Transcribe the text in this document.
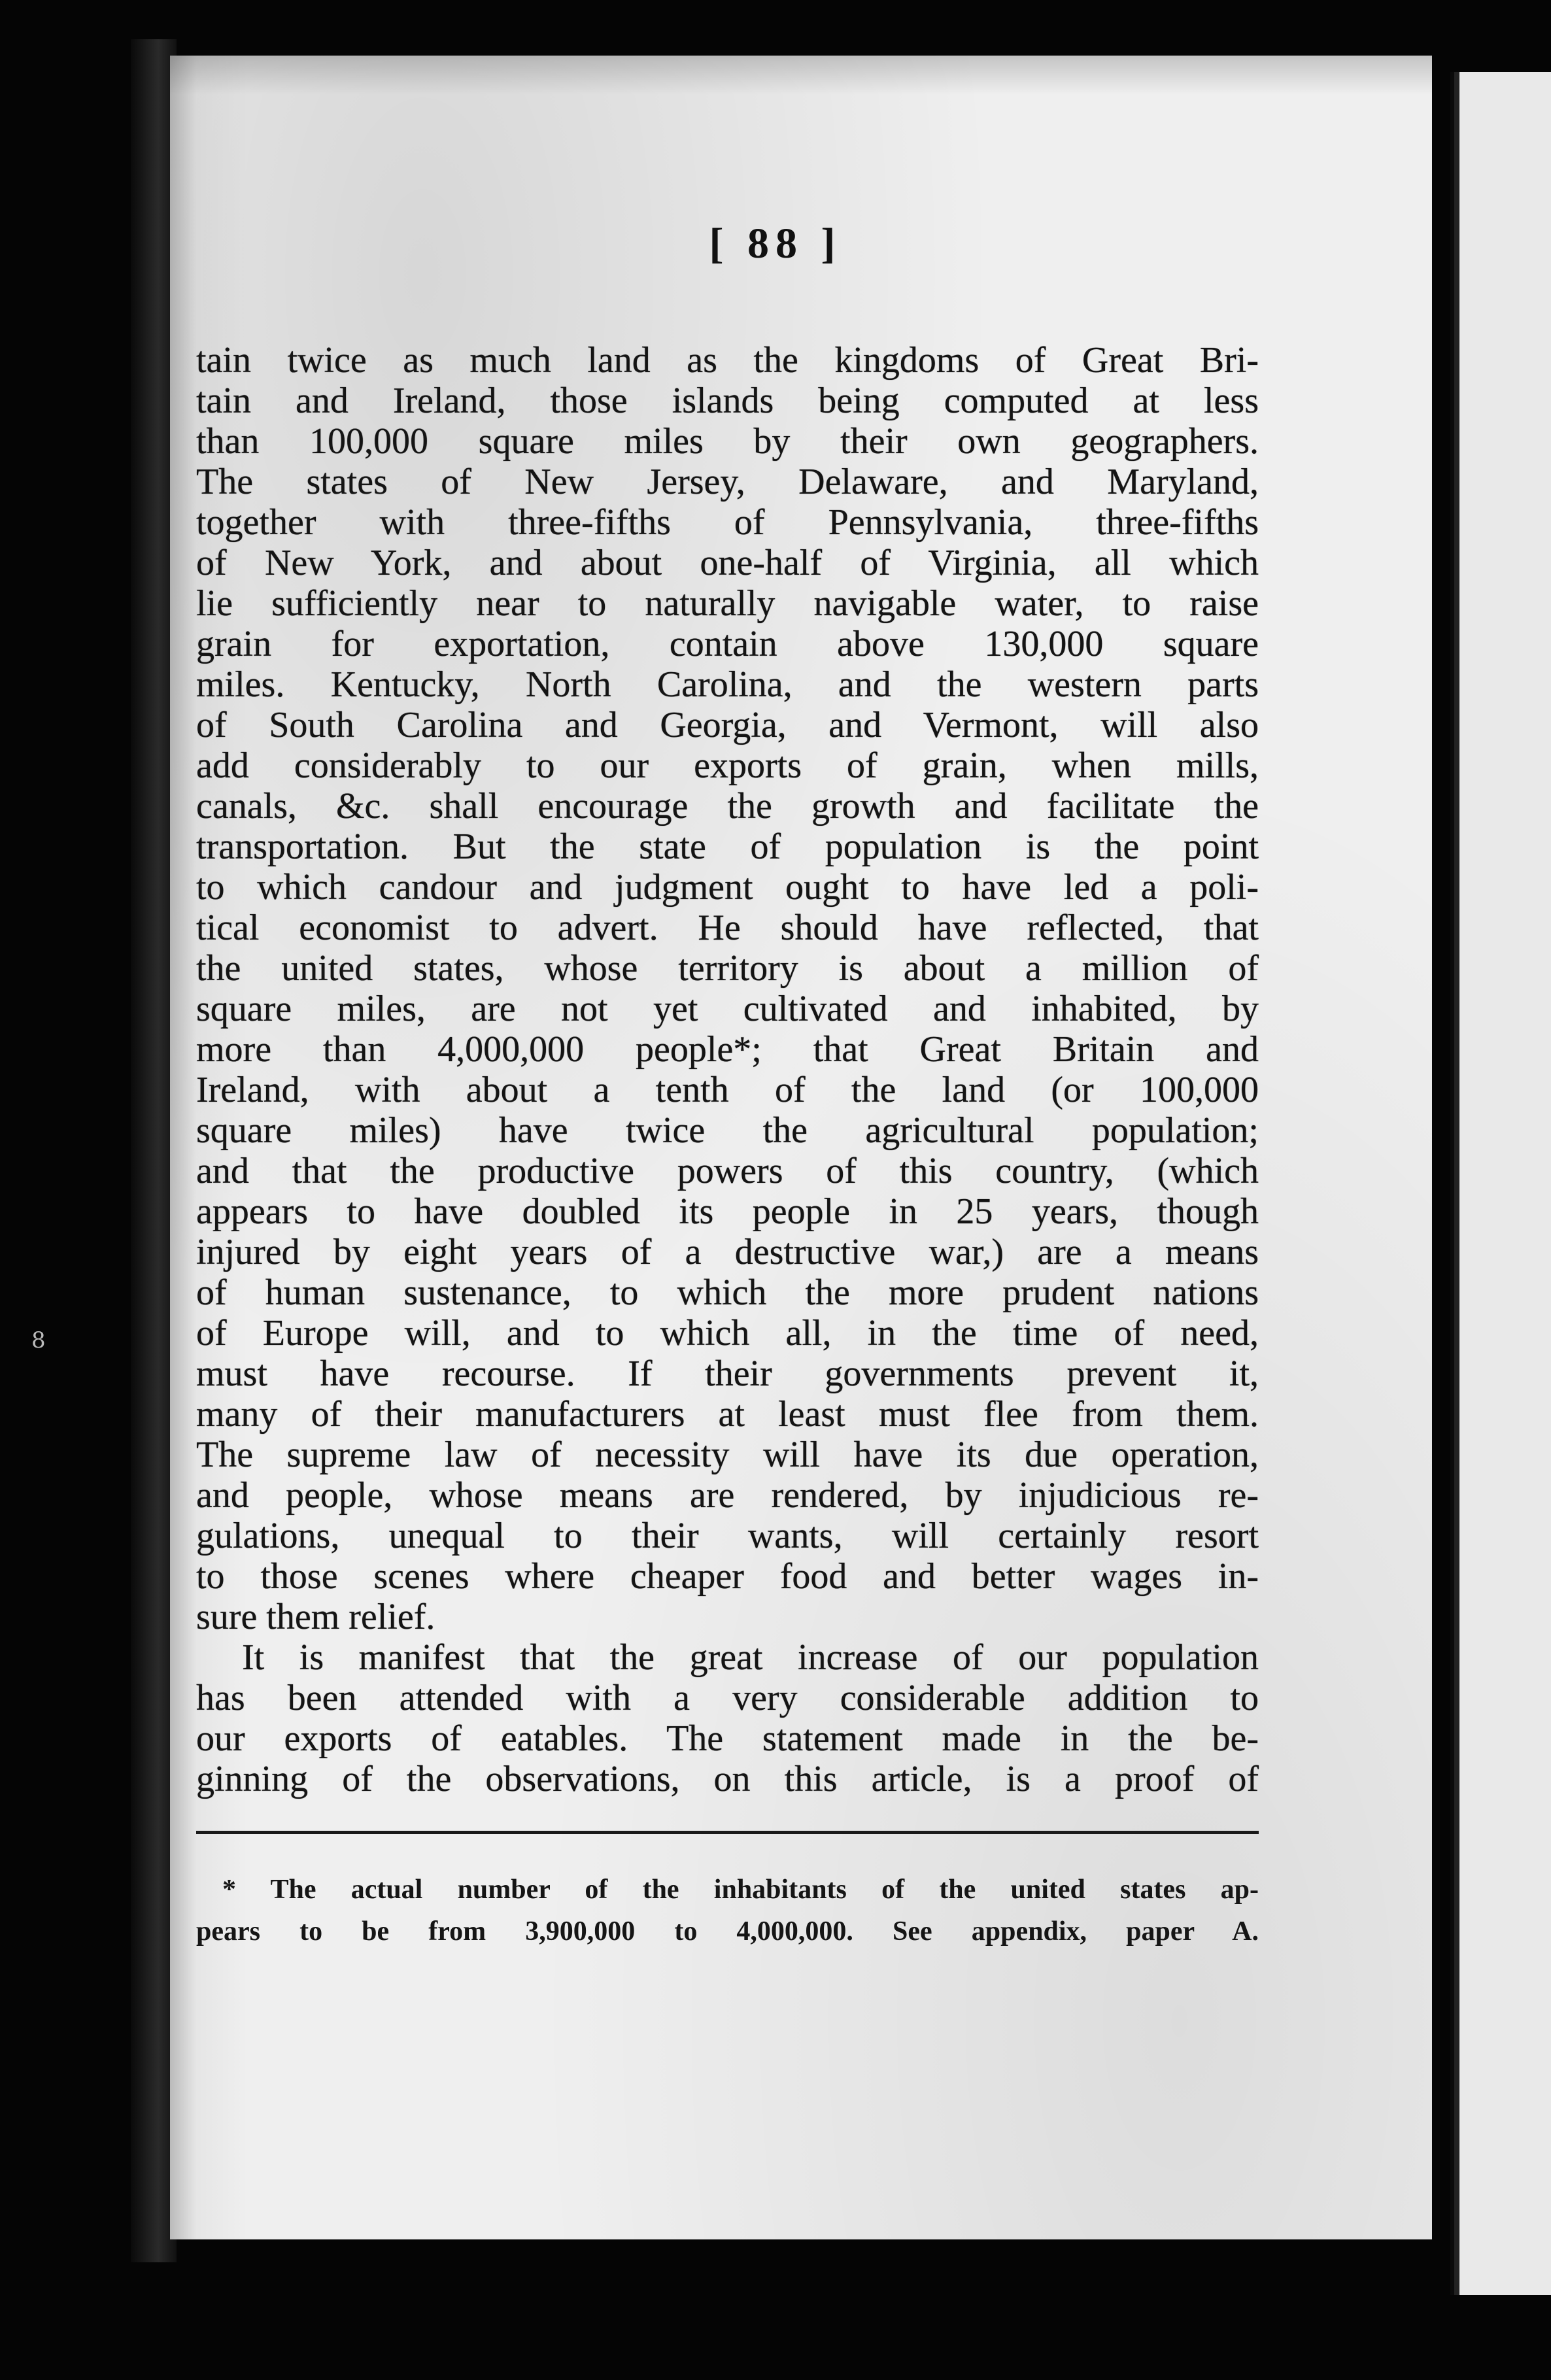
8
[ 88 ]
tain twice as much land as the kingdoms of Great Bri-
tain and Ireland, those islands being computed at less
than 100,000 square miles by their own geographers.
The states of New Jersey, Delaware, and Maryland,
together with three-fifths of Pennsylvania, three-fifths
of New York, and about one-half of Virginia, all which
lie sufficiently near to naturally navigable water, to raise
grain for exportation, contain above 130,000 square
miles. Kentucky, North Carolina, and the western parts
of South Carolina and Georgia, and Vermont, will also
add considerably to our exports of grain, when mills,
canals, &c. shall encourage the growth and facilitate the
transportation. But the state of population is the point
to which candour and judgment ought to have led a poli-
tical economist to advert. He should have reflected, that
the united states, whose territory is about a million of
square miles, are not yet cultivated and inhabited, by
more than 4,000,000 people*; that Great Britain and
Ireland, with about a tenth of the land (or 100,000
square miles) have twice the agricultural population;
and that the productive powers of this country, (which
appears to have doubled its people in 25 years, though
injured by eight years of a destructive war,) are a means
of human sustenance, to which the more prudent nations
of Europe will, and to which all, in the time of need,
must have recourse. If their governments prevent it,
many of their manufacturers at least must flee from them.
The supreme law of necessity will have its due operation,
and people, whose means are rendered, by injudicious re-
gulations, unequal to their wants, will certainly resort
to those scenes where cheaper food and better wages in-
sure them relief.
It is manifest that the great increase of our population
has been attended with a very considerable addition to
our exports of eatables. The statement made in the be-
ginning of the observations, on this article, is a proof of
* The actual number of the inhabitants of the united states ap-
pears to be from 3,900,000 to 4,000,000. See appendix, paper A.
